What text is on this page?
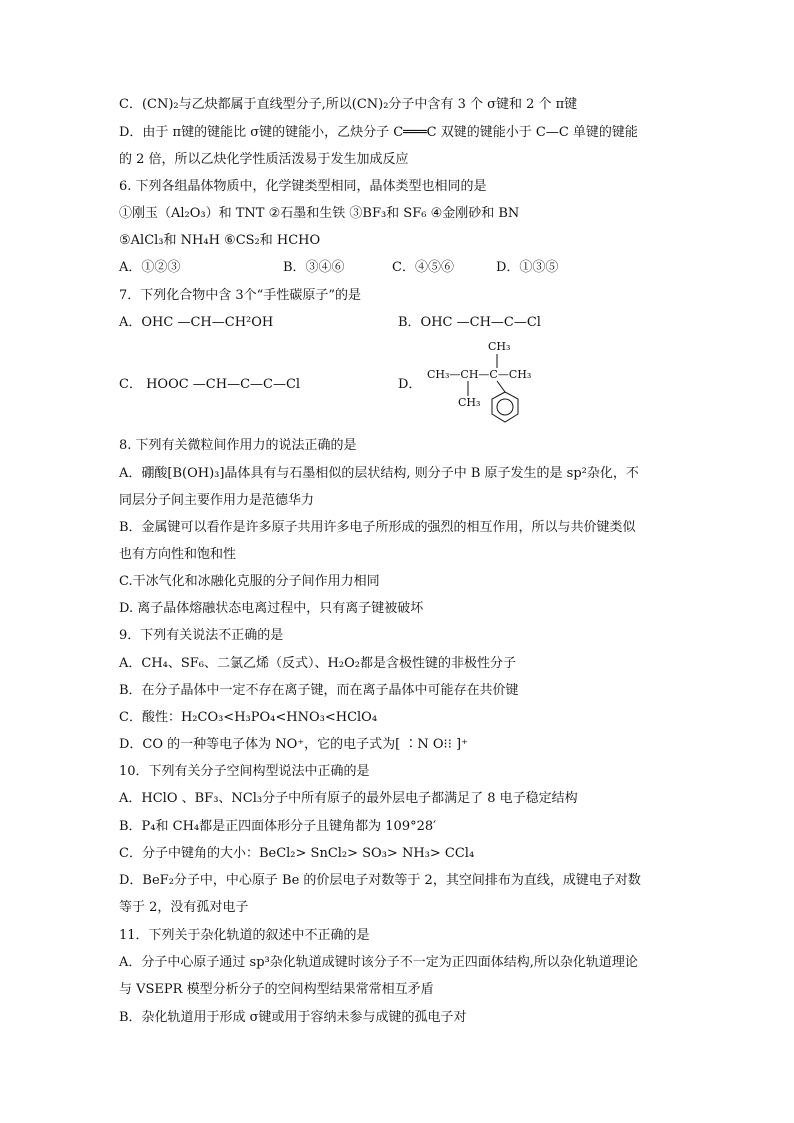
C．(CN)₂与乙炔都属于直线型分子,所以(CN)₂分子中含有 3 个 σ键和 2 个 π键
D．由于 π键的键能比 σ键的键能小，乙炔分子 C═══C 双键的键能小于 C—C 单键的键能
的 2 倍，所以乙炔化学性质活泼易于发生加成反应
6. 下列各组晶体物质中，化学键类型相同，晶体类型也相同的是
①刚玉（Al₂O₃）和 TNT ②石墨和生铁 ③BF₃和 SF₆ ④金刚砂和 BN
⑤AlCl₃和 NH₄H ⑥CS₂和 HCHO
A．①②③	B．③④⑥	C．④⑤⑥	D．①③⑤
7．下列化合物中含 3个“手性碳原子”的是
A．OHC —CH—CH²OH	B．OHC —CH—C—Cl
C． HOOC —CH—C—C—Cl	D．
CH₃
CH₃—CH—C—CH₃
CH₃
8. 下列有关微粒间作用力的说法正确的是
A．硼酸[B(OH)₃]晶体具有与石墨相似的层状结构, 则分子中 B 原子发生的是 sp²杂化，不
同层分子间主要作用力是范德华力
B．金属键可以看作是许多原子共用许多电子所形成的强烈的相互作用，所以与共价键类似
也有方向性和饱和性
C.干冰气化和冰融化克服的分子间作用力相同
D. 离子晶体熔融状态电离过程中，只有离子键被破坏
9．下列有关说法不正确的是
A．CH₄、SF₆、二氯乙烯（反式）、H₂O₂都是含极性键的非极性分子
B．在分子晶体中一定不存在离子键，而在离子晶体中可能存在共价键
C．酸性：H₂CO₃<H₃PO₄<HNO₃<HClO₄
D．CO 的一种等电子体为 NO⁺，它的电子式为[ ∶N O⁝⁝ ]⁺
10．下列有关分子空间构型说法中正确的是
A．HClO 、BF₃、NCl₃分子中所有原子的最外层电子都满足了 8 电子稳定结构
B．P₄和 CH₄都是正四面体形分子且键角都为 109°28′
C．分子中键角的大小：BeCl₂> SnCl₂> SO₃> NH₃> CCl₄
D．BeF₂分子中，中心原子 Be 的价层电子对数等于 2，其空间排布为直线，成键电子对数
等于 2，没有孤对电子
11．下列关于杂化轨道的叙述中不正确的是
A．分子中心原子通过 sp³杂化轨道成键时该分子不一定为正四面体结构,所以杂化轨道理论
与 VSEPR 模型分析分子的空间构型结果常常相互矛盾
B．杂化轨道用于形成 σ键或用于容纳未参与成键的孤电子对
